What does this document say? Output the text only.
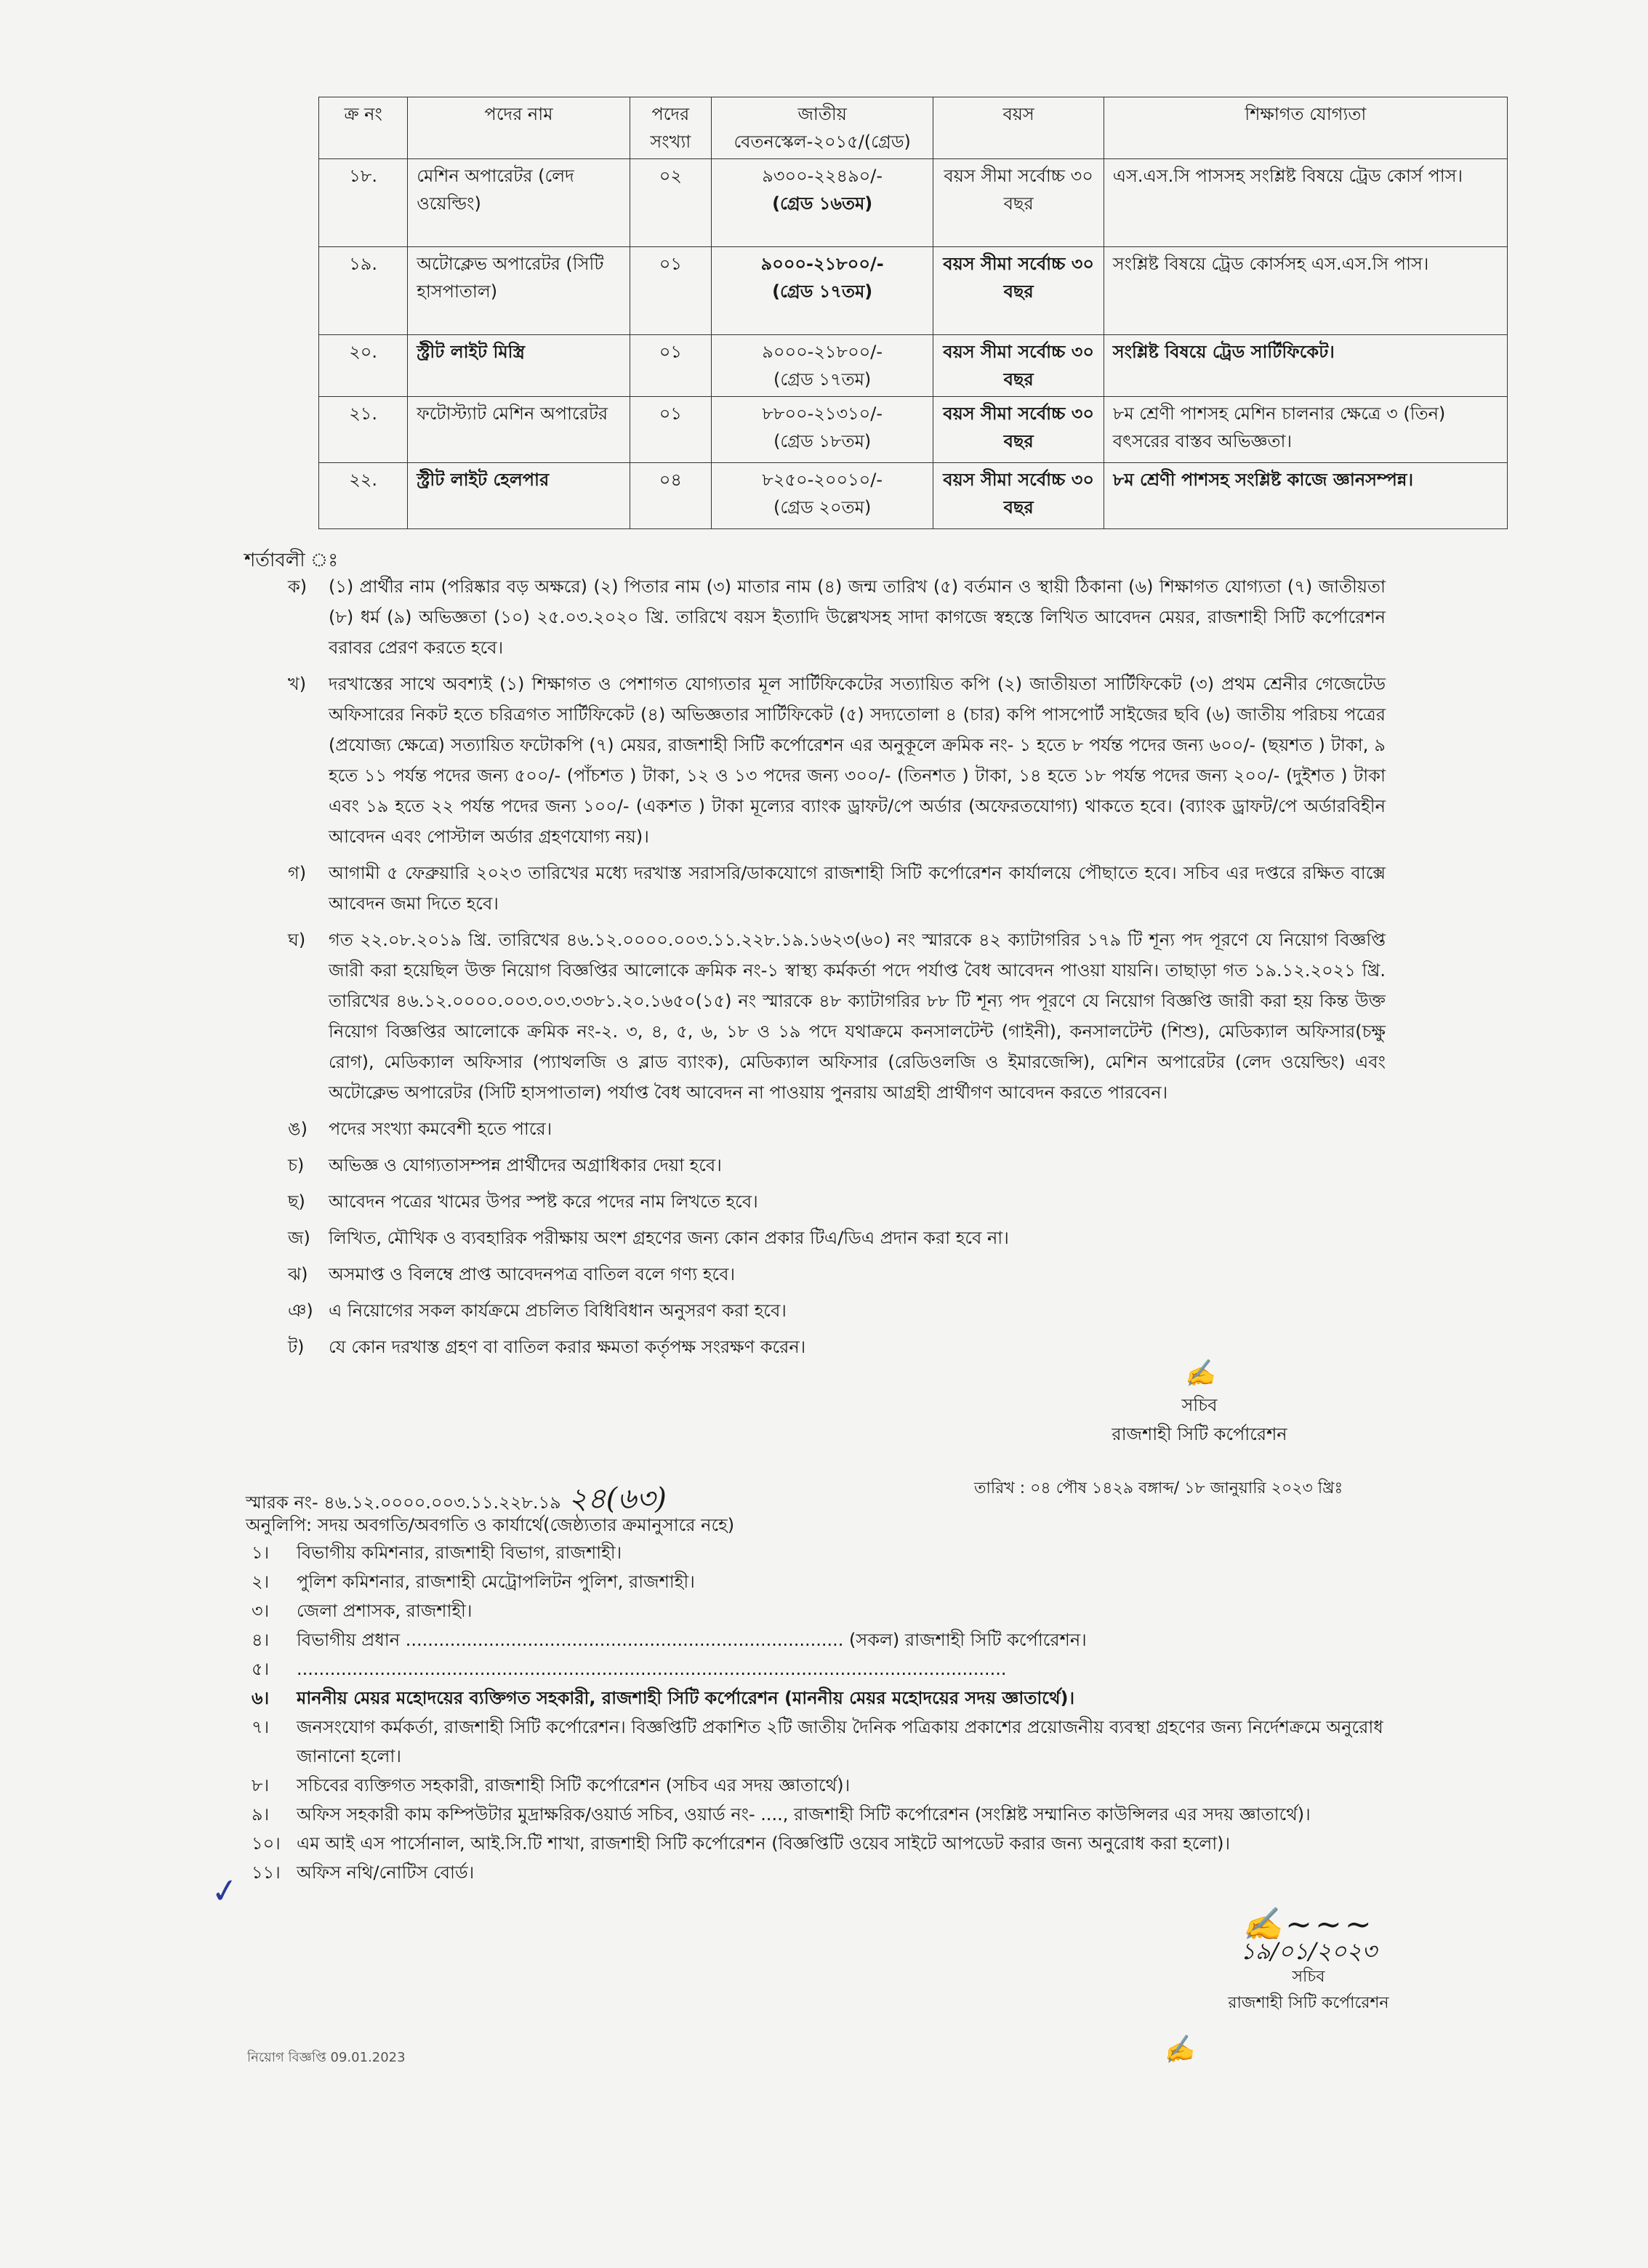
ক্র নং	পদের নাম	পদের সংখ্যা	জাতীয় বেতনস্কেল-২০১৫/(গ্রেড)	বয়স	শিক্ষাগত যোগ্যতা
১৮.	মেশিন অপারেটর (লেদ ওয়েল্ডিং)	০২	৯৩০০-২২৪৯০/-
(গ্রেড ১৬তম)	বয়স সীমা সর্বোচ্চ ৩০ বছর	এস.এস.সি পাসসহ সংশ্লিষ্ট বিষয়ে ট্রেড কোর্স পাস।
১৯.	অটোক্লেভ অপারেটর (সিটি হাসপাতাল)	০১	৯০০০-২১৮০০/-
(গ্রেড ১৭তম)	বয়স সীমা সর্বোচ্চ ৩০ বছর	সংশ্লিষ্ট বিষয়ে ট্রেড কোর্সসহ এস.এস.সি পাস।
২০.	স্ট্রীট লাইট মিস্ত্রি	০১	৯০০০-২১৮০০/-
(গ্রেড ১৭তম)	বয়স সীমা সর্বোচ্চ ৩০ বছর	সংশ্লিষ্ট বিষয়ে ট্রেড সার্টিফিকেট।
২১.	ফটোস্ট্যাট মেশিন অপারেটর	০১	৮৮০০-২১৩১০/-
(গ্রেড ১৮তম)	বয়স সীমা সর্বোচ্চ ৩০ বছর	৮ম শ্রেণী পাশসহ মেশিন চালনার ক্ষেত্রে ৩ (তিন) বৎসরের বাস্তব অভিজ্ঞতা।
২২.	স্ট্রীট লাইট হেলপার	০৪	৮২৫০-২০০১০/-
(গ্রেড ২০তম)	বয়স সীমা সর্বোচ্চ ৩০ বছর	৮ম শ্রেণী পাশসহ সংশ্লিষ্ট কাজে জ্ঞানসম্পন্ন।
শর্তাবলী ঃ
ক)	(১) প্রার্থীর নাম (পরিষ্কার বড় অক্ষরে) (২) পিতার নাম (৩) মাতার নাম (৪) জন্ম তারিখ (৫) বর্তমান ও স্থায়ী ঠিকানা (৬) শিক্ষাগত যোগ্যতা (৭) জাতীয়তা (৮) ধর্ম (৯) অভিজ্ঞতা (১০) ২৫.০৩.২০২০ খ্রি. তারিখে বয়স ইত্যাদি উল্লেখসহ সাদা কাগজে স্বহস্তে লিখিত আবেদন মেয়র, রাজশাহী সিটি কর্পোরেশন বরাবর প্রেরণ করতে হবে।
খ)	দরখাস্তের সাথে অবশ্যই (১) শিক্ষাগত ও পেশাগত যোগ্যতার মূল সার্টিফিকেটের সত্যায়িত কপি (২) জাতীয়তা সার্টিফিকেট (৩) প্রথম শ্রেনীর গেজেটেড অফিসারের নিকট হতে চরিত্রগত সার্টিফিকেট (৪) অভিজ্ঞতার সার্টিফিকেট (৫) সদ্যতোলা ৪ (চার) কপি পাসপোর্ট সাইজের ছবি (৬) জাতীয় পরিচয় পত্রের (প্রযোজ্য ক্ষেত্রে) সত্যায়িত ফটোকপি (৭) মেয়র, রাজশাহী সিটি কর্পোরেশন এর অনুকূলে ক্রমিক নং- ১ হতে ৮ পর্যন্ত পদের জন্য ৬০০/- (ছয়শত ) টাকা, ৯ হতে ১১ পর্যন্ত পদের জন্য ৫০০/- (পাঁচশত ) টাকা, ১২ ও ১৩ পদের জন্য ৩০০/- (তিনশত ) টাকা, ১৪ হতে ১৮ পর্যন্ত পদের জন্য ২০০/- (দুইশত ) টাকা এবং ১৯ হতে ২২ পর্যন্ত পদের জন্য ১০০/- (একশত ) টাকা মূল্যের ব্যাংক ড্রাফট/পে অর্ডার (অফেরতযোগ্য) থাকতে হবে। (ব্যাংক ড্রাফট/পে অর্ডারবিহীন আবেদন এবং পোস্টাল অর্ডার গ্রহণযোগ্য নয়)।
গ)	আগামী ৫ ফেব্রুয়ারি ২০২৩ তারিখের মধ্যে দরখাস্ত সরাসরি/ডাকযোগে রাজশাহী সিটি কর্পোরেশন কার্যালয়ে পৌছাতে হবে। সচিব এর দপ্তরে রক্ষিত বাক্সে আবেদন জমা দিতে হবে।
ঘ)	গত ২২.০৮.২০১৯ খ্রি. তারিখের ৪৬.১২.০০০০.০০৩.১১.২২৮.১৯.১৬২৩(৬০) নং স্মারকে ৪২ ক্যাটাগরির ১৭৯ টি শূন্য পদ পূরণে যে নিয়োগ বিজ্ঞপ্তি জারী করা হয়েছিল উক্ত নিয়োগ বিজ্ঞপ্তির আলোকে ক্রমিক নং-১ স্বাস্থ্য কর্মকর্তা পদে পর্যাপ্ত বৈধ আবেদন পাওয়া যায়নি। তাছাড়া গত ১৯.১২.২০২১ খ্রি. তারিখের ৪৬.১২.০০০০.০০৩.০৩.৩৩৮১.২০.১৬৫০(১৫) নং স্মারকে ৪৮ ক্যাটাগরির ৮৮ টি শূন্য পদ পূরণে যে নিয়োগ বিজ্ঞপ্তি জারী করা হয় কিন্ত উক্ত নিয়োগ বিজ্ঞপ্তির আলোকে ক্রমিক নং-২. ৩, ৪, ৫, ৬, ১৮ ও ১৯ পদে যথাক্রমে কনসালটেন্ট (গাইনী), কনসালটেন্ট (শিশু), মেডিক্যাল অফিসার(চক্ষু রোগ), মেডিক্যাল অফিসার (প্যাথলজি ও ব্লাড ব্যাংক), মেডিক্যাল অফিসার (রেডিওলজি ও ইমারজেন্সি), মেশিন অপারেটর (লেদ ওয়েল্ডিং) এবং অটোক্লেভ অপারেটর (সিটি হাসপাতাল) পর্যাপ্ত বৈধ আবেদন না পাওয়ায় পুনরায় আগ্রহী প্রার্থীগণ আবেদন করতে পারবেন।
ঙ)	পদের সংখ্যা কমবেশী হতে পারে।
চ)	অভিজ্ঞ ও যোগ্যতাসম্পন্ন প্রার্থীদের অগ্রাধিকার দেয়া হবে।
ছ)	আবেদন পত্রের খামের উপর স্পষ্ট করে পদের নাম লিখতে হবে।
জ)	লিখিত, মৌখিক ও ব্যবহারিক পরীক্ষায় অংশ গ্রহণের জন্য কোন প্রকার টিএ/ডিএ প্রদান করা হবে না।
ঝ)	অসমাপ্ত ও বিলম্বে প্রাপ্ত আবেদনপত্র বাতিল বলে গণ্য হবে।
ঞ) এ নিয়োগের সকল কার্যক্রমে প্রচলিত বিধিবিধান অনুসরণ করা হবে।
ট)	যে কোন দরখাস্ত গ্রহণ বা বাতিল করার ক্ষমতা কর্তৃপক্ষ সংরক্ষণ করেন।
✍
সচিব
রাজশাহী সিটি কর্পোরেশন
স্মারক নং- ৪৬.১২.০০০০.০০৩.১১.২২৮.১৯ ২৪(৬৩)	তারিখ : ০৪ পৌষ ১৪২৯ বঙ্গাব্দ/ ১৮ জানুয়ারি ২০২৩ খ্রিঃ
অনুলিপি: সদয় অবগতি/অবগতি ও কার্যার্থে(জেষ্ঠ্যতার ক্রমানুসারে নহে)
১।	বিভাগীয় কমিশনার, রাজশাহী বিভাগ, রাজশাহী।
২।	পুলিশ কমিশনার, রাজশাহী মেট্রোপলিটন পুলিশ, রাজশাহী।
৩।	জেলা প্রশাসক, রাজশাহী।
৪।	বিভাগীয় প্রধান ............................................................................... (সকল) রাজশাহী সিটি কর্পোরেশন।
৫।	................................................................................................................................
৬।	মাননীয় মেয়র মহোদয়ের ব্যক্তিগত সহকারী, রাজশাহী সিটি কর্পোরেশন (মাননীয় মেয়র মহোদয়ের সদয় জ্ঞাতার্থে)।
৭।	জনসংযোগ কর্মকর্তা, রাজশাহী সিটি কর্পোরেশন। বিজ্ঞপ্তিটি প্রকাশিত ২টি জাতীয় দৈনিক পত্রিকায় প্রকাশের প্রয়োজনীয় ব্যবস্থা গ্রহণের জন্য নির্দেশক্রমে অনুরোধ জানানো হলো।
৮।	সচিবের ব্যক্তিগত সহকারী, রাজশাহী সিটি কর্পোরেশন (সচিব এর সদয় জ্ঞাতার্থে)।
৯।	অফিস সহকারী কাম কম্পিউটার মুদ্রাক্ষরিক/ওয়ার্ড সচিব, ওয়ার্ড নং- ...., রাজশাহী সিটি কর্পোরেশন (সংশ্লিষ্ট সম্মানিত কাউন্সিলর এর সদয় জ্ঞাতার্থে)।
১০। এম আই এস পার্সোনাল, আই.সি.টি শাখা, রাজশাহী সিটি কর্পোরেশন (বিজ্ঞপ্তিটি ওয়েব সাইটে আপডেট করার জন্য অনুরোধ করা হলো)।
১১। অফিস নথি/নোটিস বোর্ড।
✓
✍~~~
১৯/০১/২০২৩
সচিব
রাজশাহী সিটি কর্পোরেশন
✍
নিয়োগ বিজ্ঞপ্তি 09.01.2023
